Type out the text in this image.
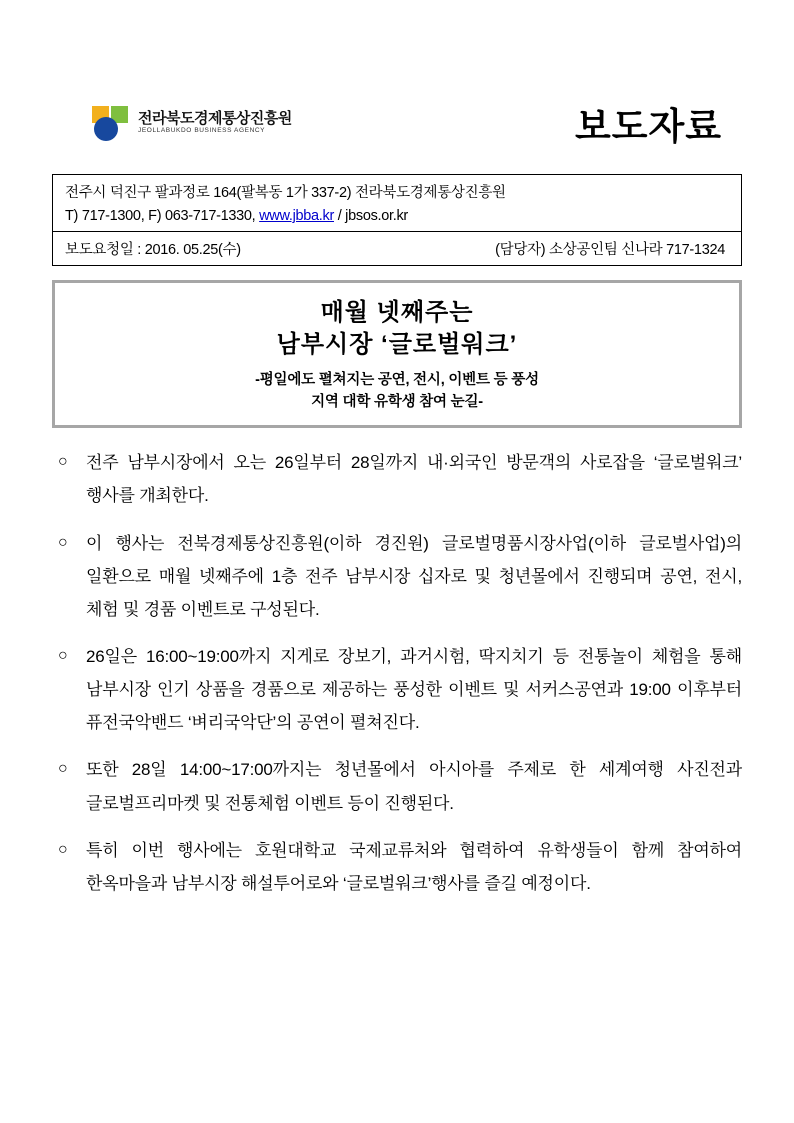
전라북도경제통상진흥원
JEOLLABUKDO BUSINESS AGENCY	보도자료
전주시 덕진구 팔과정로 164(팔복동 1가 337-2) 전라북도경제통상진흥원
T) 717-1300, F) 063-717-1330, www.jbba.kr / jbsos.or.kr
보도요청일 : 2016. 05.25(수)	(담당자) 소상공인팀 신나라 717-1324
매월 넷째주는
남부시장 ‘글로벌워크’
-평일에도 펼쳐지는 공연, 전시, 이벤트 등 풍성
지역 대학 유학생 참여 눈길-
○	전주 남부시장에서 오는 26일부터 28일까지 내·외국인 방문객의 사로잡을 ‘글로벌워크’ 행사를 개최한다.
○	이 행사는 전북경제통상진흥원(이하 경진원) 글로벌명품시장사업(이하 글로벌사업)의 일환으로 매월 넷째주에 1층 전주 남부시장 십자로 및 청년몰에서 진행되며 공연, 전시, 체험 및 경품 이벤트로 구성된다.
○	26일은 16:00~19:00까지 지게로 장보기, 과거시험, 딱지치기 등 전통놀이 체험을 통해 남부시장 인기 상품을 경품으로 제공하는 풍성한 이벤트 및 서커스공연과 19:00 이후부터 퓨전국악밴드 ‘벼리국악단’의 공연이 펼쳐진다.
○	또한 28일 14:00~17:00까지는 청년몰에서 아시아를 주제로 한 세계여행 사진전과 글로벌프리마켓 및 전통체험 이벤트 등이 진행된다.
○	특히 이번 행사에는 호원대학교 국제교류처와 협력하여 유학생들이 함께 참여하여 한옥마을과 남부시장 해설투어로와 ‘글로벌워크’행사를 즐길 예정이다.
